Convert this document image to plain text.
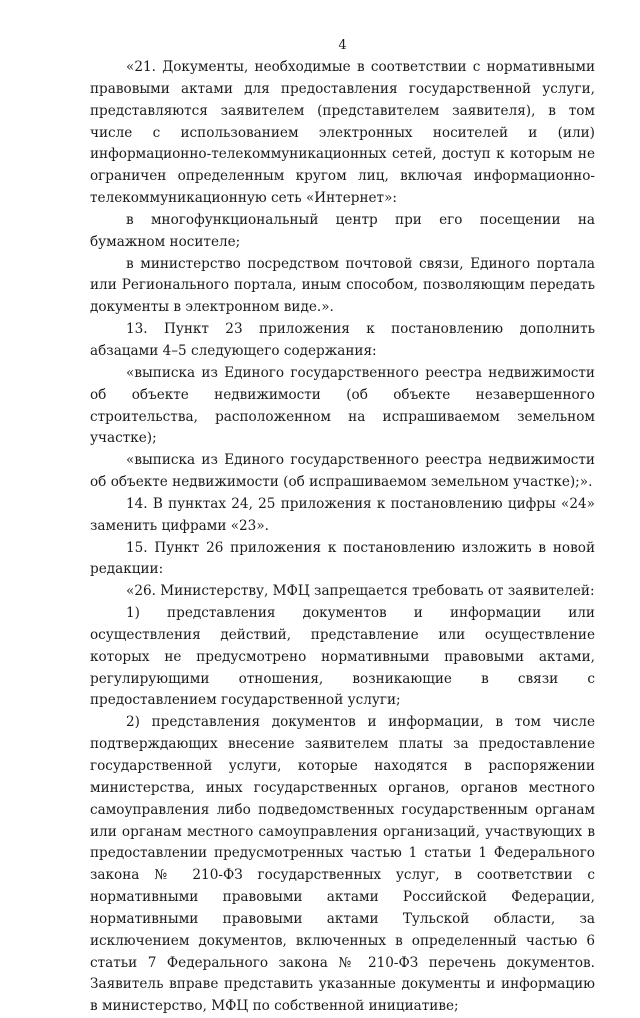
4

«21. Документы, необходимые в соответствии с нормативными правовыми актами для предоставления государственной услуги, представляются заявителем (представителем заявителя), в том числе с использованием электронных носителей и (или) информационно-телекоммуникационных сетей, доступ к которым не ограничен определенным кругом лиц, включая информационно-телекоммуникационную сеть «Интернет»:

в многофункциональный центр при его посещении на бумажном носителе;

в министерство посредством почтовой связи, Единого портала или Регионального портала, иным способом, позволяющим передать документы в электронном виде.».

13. Пункт 23 приложения к постановлению дополнить абзацами 4–5 следующего содержания:

«выписка из Единого государственного реестра недвижимости об объекте недвижимости (об объекте незавершенного строительства, расположенном на испрашиваемом земельном участке);

«выписка из Единого государственного реестра недвижимости об объекте недвижимости (об испрашиваемом земельном участке);».

14. В пунктах 24, 25 приложения к постановлению цифры «24» заменить цифрами «23».

15. Пункт 26 приложения к постановлению изложить в новой редакции:

«26. Министерству, МФЦ запрещается требовать от заявителей:

1) представления документов и информации или осуществления действий, представление или осуществление которых не предусмотрено нормативными правовыми актами, регулирующими отношения, возникающие в связи с предоставлением государственной услуги;

2) представления документов и информации, в том числе подтверждающих внесение заявителем платы за предоставление государственной услуги, которые находятся в распоряжении министерства, иных государственных органов, органов местного самоуправления либо подведомственных государственным органам или органам местного самоуправления организаций, участвующих в предоставлении предусмотренных частью 1 статьи 1 Федерального закона № 210-ФЗ государственных услуг, в соответствии с нормативными правовыми актами Российской Федерации, нормативными правовыми актами Тульской области, за исключением документов, включенных в определенный частью 6 статьи 7 Федерального закона № 210-ФЗ перечень документов. Заявитель вправе представить указанные документы и информацию в министерство, МФЦ по собственной инициативе;
